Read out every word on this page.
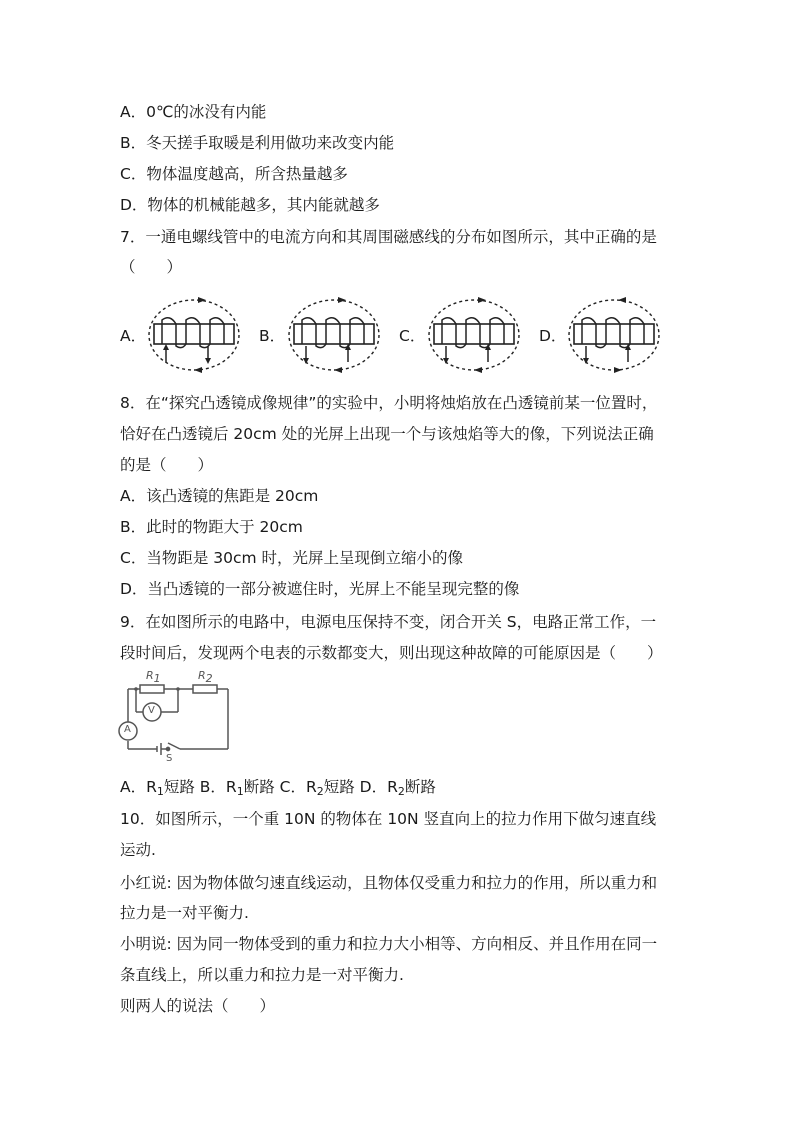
A．0℃的冰没有内能
B．冬天搓手取暖是利用做功来改变内能
C．物体温度越高，所含热量越多
D．物体的机械能越多，其内能就越多
7．一通电螺线管中的电流方向和其周围磁感线的分布如图所示，其中正确的是
（　　）
A．	B．	C．	D．
8．在“探究凸透镜成像规律”的实验中，小明将烛焰放在凸透镜前某一位置时，
恰好在凸透镜后 20cm 处的光屏上出现一个与该烛焰等大的像，下列说法正确
的是（　　）
A．该凸透镜的焦距是 20cm
B．此时的物距大于 20cm
C．当物距是 30cm 时，光屏上呈现倒立缩小的像
D．当凸透镜的一部分被遮住时，光屏上不能呈现完整的像
9．在如图所示的电路中，电源电压保持不变，闭合开关 S，电路正常工作，一
段时间后，发现两个电表的示数都变大，则出现这种故障的可能原因是（　　）
$R_1$	$R_2$
V
A
S
A．$R_1$短路 B．$R_1$断路 C．$R_2$短路 D．$R_2$断路
10．如图所示，一个重 10N 的物体在 10N 竖直向上的拉力作用下做匀速直线
运动.
小红说: 因为物体做匀速直线运动，且物体仅受重力和拉力的作用，所以重力和
拉力是一对平衡力.
小明说: 因为同一物体受到的重力和拉力大小相等、方向相反、并且作用在同一
条直线上，所以重力和拉力是一对平衡力.
则两人的说法（　　）
